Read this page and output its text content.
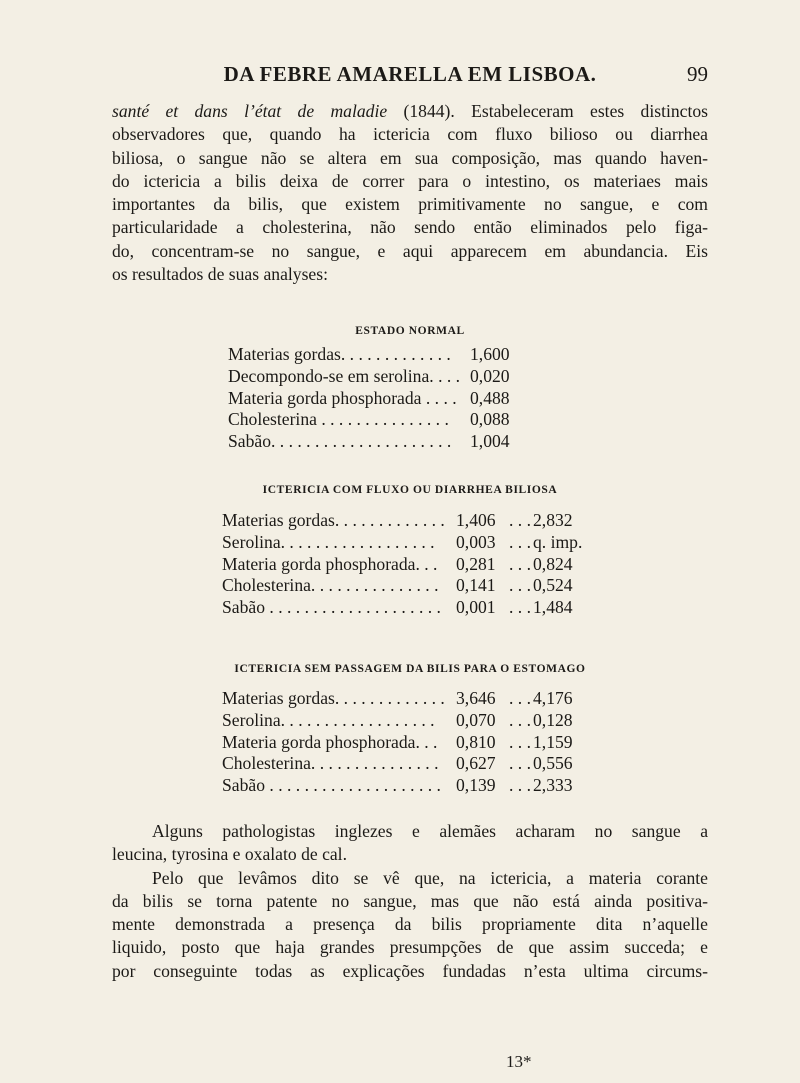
DA FEBRE AMARELLA EM LISBOA.	99
santé et dans l’état de maladie (1844). Estabeleceram estes distinctos
observadores que, quando ha ictericia com fluxo bilioso ou diarrhea
biliosa, o sangue não se altera em sua composição, mas quando haven-
do ictericia a bilis deixa de correr para o intestino, os materiaes mais
importantes da bilis, que existem primitivamente no sangue, e com
particularidade a cholesterina, não sendo então eliminados pelo figa-
do, concentram-se no sangue, e aqui apparecem em abundancia. Eis
os resultados de suas analyses:
ESTADO NORMAL
Materias gordas. . . . . . . . . . . . . 1,600
Decompondo-se em serolina. . . . 0,020
Materia gorda phosphorada . . . . 0,488
Cholesterina . . . . . . . . . . . . . . . 0,088
Sabão. . . . . . . . . . . . . . . . . . . . . 1,004
ICTERICIA COM FLUXO OU DIARRHEA BILIOSA
Materias gordas. . . . . . . . . . . . . 1,406 . . . 2,832
Serolina. . . . . . . . . . . . . . . . . . 0,003 . . . q. imp.
Materia gorda phosphorada. . . 0,281 . . . 0,824
Cholesterina. . . . . . . . . . . . . . . 0,141 . . . 0,524
Sabão . . . . . . . . . . . . . . . . . . . . 0,001 . . . 1,484
ICTERICIA SEM PASSAGEM DA BILIS PARA O ESTOMAGO
Materias gordas. . . . . . . . . . . . . 3,646 . . . 4,176
Serolina. . . . . . . . . . . . . . . . . . 0,070 . . . 0,128
Materia gorda phosphorada. . . 0,810 . . . 1,159
Cholesterina. . . . . . . . . . . . . . . 0,627 . . . 0,556
Sabão . . . . . . . . . . . . . . . . . . . . 0,139 . . . 2,333
Alguns pathologistas inglezes e alemães acharam no sangue a
leucina, tyrosina e oxalato de cal.
Pelo que levâmos dito se vê que, na ictericia, a materia corante
da bilis se torna patente no sangue, mas que não está ainda positiva-
mente demonstrada a presença da bilis propriamente dita n’aquelle
liquido, posto que haja grandes presumpções de que assim succeda; e
por conseguinte todas as explicações fundadas n’esta ultima circums-
13*
